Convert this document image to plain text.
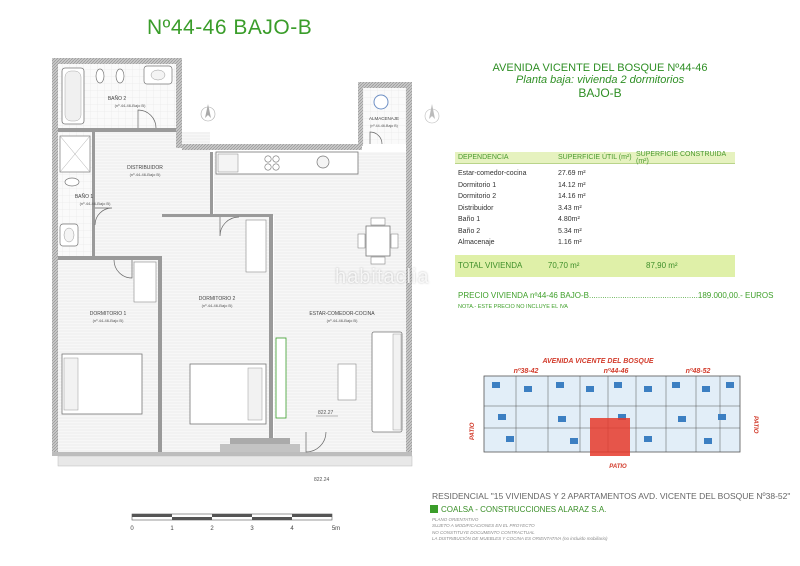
Nº44-46 BAJO-B
BAÑO 2
(nº.44-46-Bajo B)
ALMACENAJE
(nº.44-46-Bajo B)
DISTRIBUIDOR
(nº.44-46-Bajo B)
BAÑO 1
(nº.44-46-Bajo B)
DORMITORIO 1
(nº.44-46-Bajo B)
DORMITORIO 2
(nº.44-46-Bajo B)
ESTAR-COMEDOR-COCINA
(nº.44-46-Bajo B)
822.27
822.24
AVENIDA VICENTE DEL BOSQUE Nº44-46
Planta baja: vivienda 2 dormitorios
BAJO-B
DEPENDENCIA	SUPERFICIE ÚTIL (m²) SUPERFICIE CONSTRUIDA (m²)
Estar-comedor-cocina	27.69 m²
Dormitorio 1	14.12 m²
Dormitorio 2	14.16 m²
Distribuidor	3.43 m²
Baño 1	4.80m²
Baño 2	5.34 m²
Almacenaje	1.16 m²
TOTAL VIVIENDA	70,70 m²	87,90 m²
PRECIO VIVIENDA nº44-46 BAJO-B.................................................189.000,00.- EUROS
NOTA.- ESTE PRECIO NO INCLUYE EL IVA
AVENIDA VICENTE DEL BOSQUE
nº38-42	nº44-46	nº48-52
PATIO	PATIO
PATIO
habitaclia
0	1	2	3	4	5m
RESIDENCIAL "15 VIVIENDAS Y 2 APARTAMENTOS AVD. VICENTE DEL BOSQUE Nº38-52"
COALSA - CONSTRUCCIONES ALARAZ S.A.
PLANO ORIENTATIVO
SUJETO A MODIFICACIONES EN EL PROYECTO
NO CONSTITUYE DOCUMENTO CONTRACTUAL
LA DISTRIBUCIÓN DE MUEBLES Y COCINA ES ORIENTATIVA (no incluido mobiliario)
